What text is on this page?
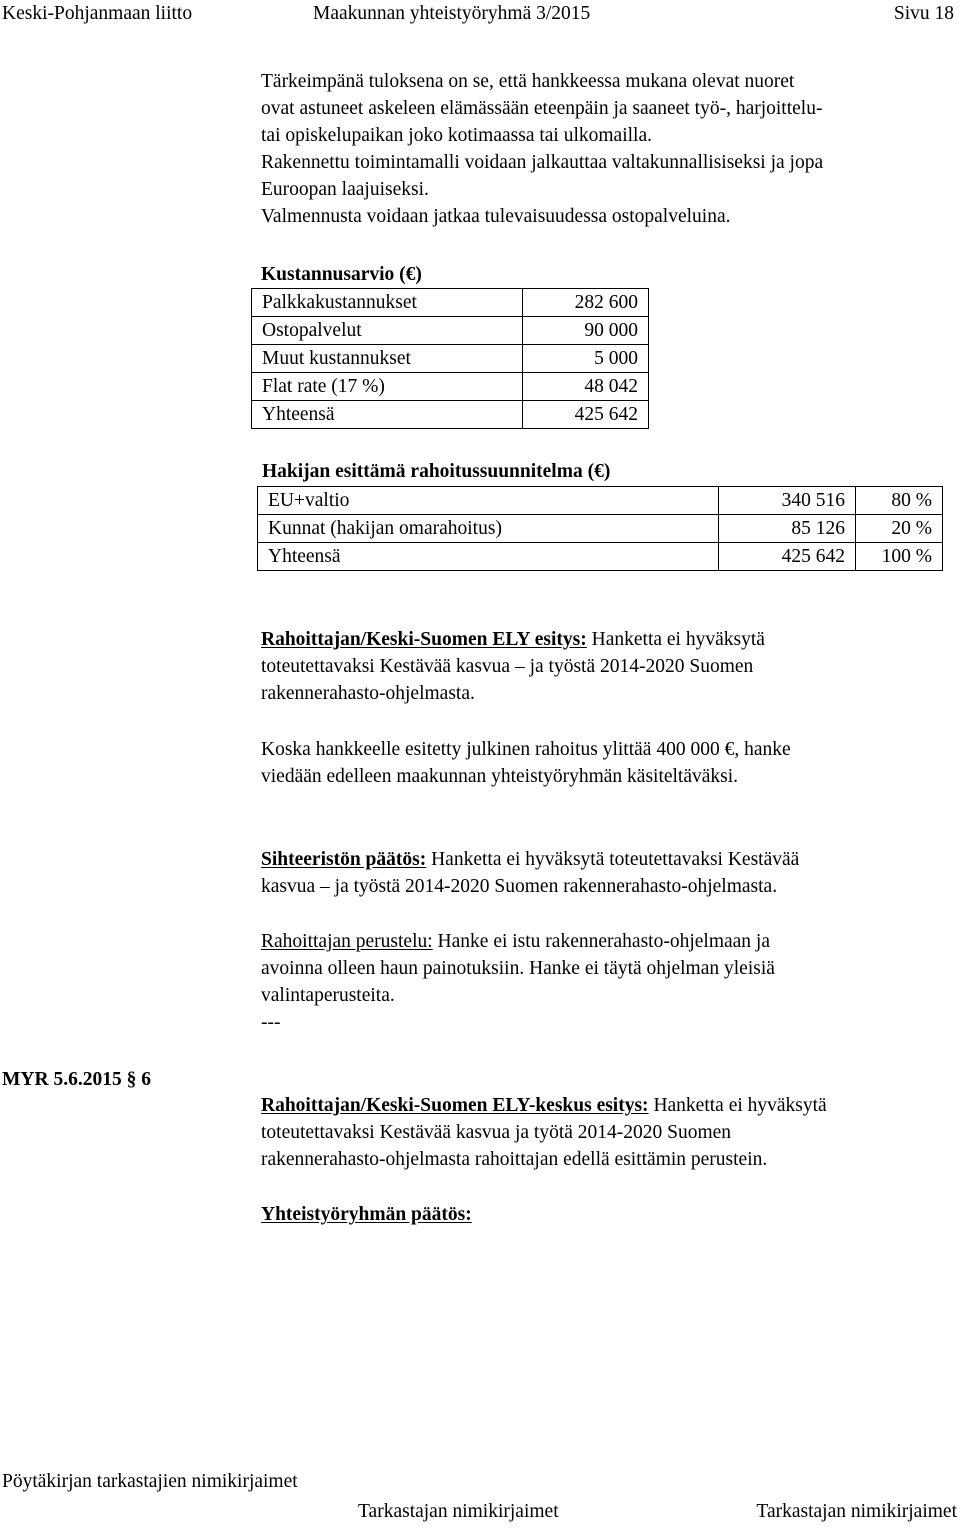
Keski-Pohjanmaan liitto	Maakunnan yhteistyöryhmä 3/2015	Sivu 18
Tärkeimpänä tuloksena on se, että hankkeessa mukana olevat nuoret
ovat astuneet askeleen elämässään eteenpäin ja saaneet työ-, harjoittelu-
tai opiskelupaikan joko kotimaassa tai ulkomailla.
Rakennettu toimintamalli voidaan jalkauttaa valtakunnallisiseksi ja jopa
Euroopan laajuiseksi.
Valmennusta voidaan jatkaa tulevaisuudessa ostopalveluina.
Kustannusarvio (€)
Palkkakustannukset	282 600
Ostopalvelut	90 000
Muut kustannukset	5 000
Flat rate (17 %)	48 042
Yhteensä	425 642
Hakijan esittämä rahoitussuunnitelma (€)
EU+valtio	340 516	80 %
Kunnat (hakijan omarahoitus)	85 126	20 %
Yhteensä	425 642	100 %
Rahoittajan/Keski-Suomen ELY esitys: Hanketta ei hyväksytä
toteutettavaksi Kestävää kasvua – ja työstä 2014-2020 Suomen
rakennerahasto-ohjelmasta.
Koska hankkeelle esitetty julkinen rahoitus ylittää 400 000 €, hanke
viedään edelleen maakunnan yhteistyöryhmän käsiteltäväksi.
Sihteeristön päätös: Hanketta ei hyväksytä toteutettavaksi Kestävää
kasvua – ja työstä 2014-2020 Suomen rakennerahasto-ohjelmasta.
Rahoittajan perustelu: Hanke ei istu rakennerahasto-ohjelmaan ja
avoinna olleen haun painotuksiin. Hanke ei täytä ohjelman yleisiä
valintaperusteita.
---
MYR 5.6.2015 § 6
Rahoittajan/Keski-Suomen ELY-keskus esitys: Hanketta ei hyväksytä
toteutettavaksi Kestävää kasvua ja työtä 2014-2020 Suomen
rakennerahasto-ohjelmasta rahoittajan edellä esittämin perustein.
Yhteistyöryhmän päätös:
Pöytäkirjan tarkastajien nimikirjaimet
Tarkastajan nimikirjaimet	Tarkastajan nimikirjaimet
